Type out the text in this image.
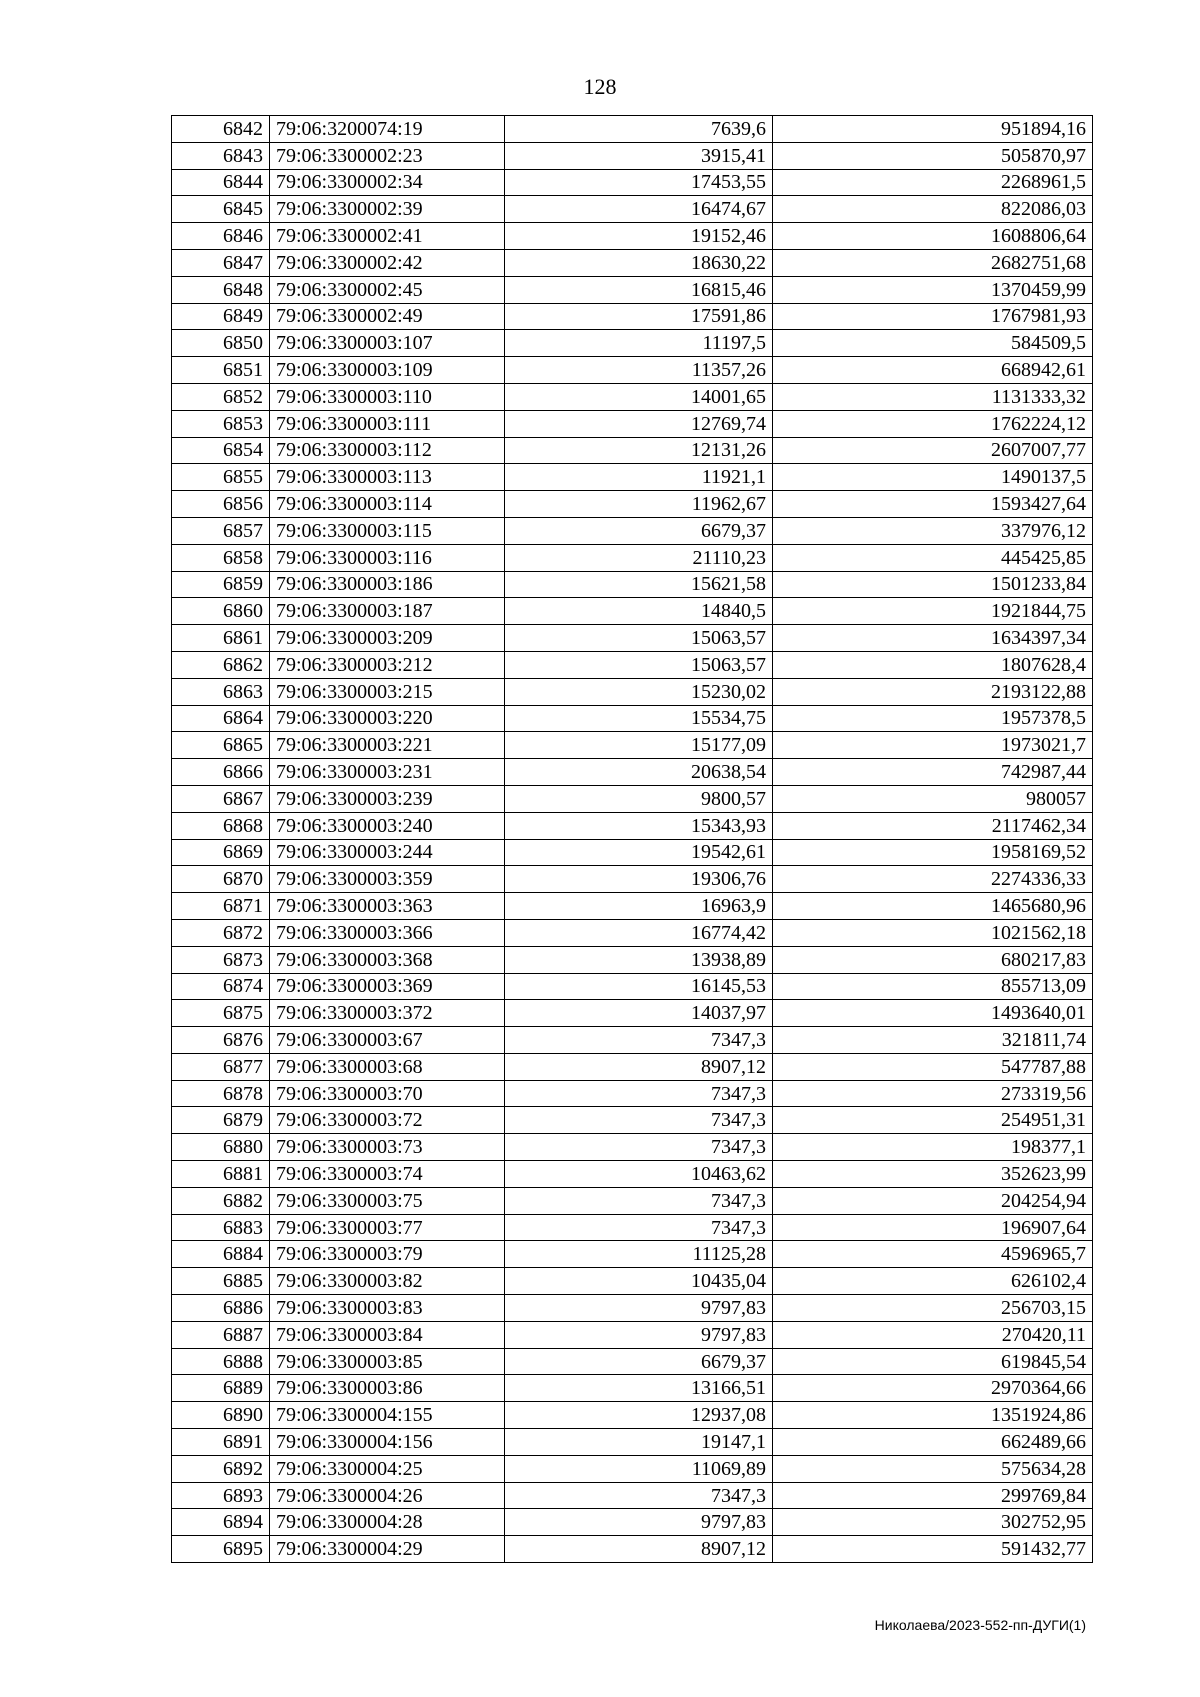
128
6842	79:06:3200074:19	7639,6	951894,16
6843	79:06:3300002:23	3915,41	505870,97
6844	79:06:3300002:34	17453,55	2268961,5
6845	79:06:3300002:39	16474,67	822086,03
6846	79:06:3300002:41	19152,46	1608806,64
6847	79:06:3300002:42	18630,22	2682751,68
6848	79:06:3300002:45	16815,46	1370459,99
6849	79:06:3300002:49	17591,86	1767981,93
6850	79:06:3300003:107	11197,5	584509,5
6851	79:06:3300003:109	11357,26	668942,61
6852	79:06:3300003:110	14001,65	1131333,32
6853	79:06:3300003:111	12769,74	1762224,12
6854	79:06:3300003:112	12131,26	2607007,77
6855	79:06:3300003:113	11921,1	1490137,5
6856	79:06:3300003:114	11962,67	1593427,64
6857	79:06:3300003:115	6679,37	337976,12
6858	79:06:3300003:116	21110,23	445425,85
6859	79:06:3300003:186	15621,58	1501233,84
6860	79:06:3300003:187	14840,5	1921844,75
6861	79:06:3300003:209	15063,57	1634397,34
6862	79:06:3300003:212	15063,57	1807628,4
6863	79:06:3300003:215	15230,02	2193122,88
6864	79:06:3300003:220	15534,75	1957378,5
6865	79:06:3300003:221	15177,09	1973021,7
6866	79:06:3300003:231	20638,54	742987,44
6867	79:06:3300003:239	9800,57	980057
6868	79:06:3300003:240	15343,93	2117462,34
6869	79:06:3300003:244	19542,61	1958169,52
6870	79:06:3300003:359	19306,76	2274336,33
6871	79:06:3300003:363	16963,9	1465680,96
6872	79:06:3300003:366	16774,42	1021562,18
6873	79:06:3300003:368	13938,89	680217,83
6874	79:06:3300003:369	16145,53	855713,09
6875	79:06:3300003:372	14037,97	1493640,01
6876	79:06:3300003:67	7347,3	321811,74
6877	79:06:3300003:68	8907,12	547787,88
6878	79:06:3300003:70	7347,3	273319,56
6879	79:06:3300003:72	7347,3	254951,31
6880	79:06:3300003:73	7347,3	198377,1
6881	79:06:3300003:74	10463,62	352623,99
6882	79:06:3300003:75	7347,3	204254,94
6883	79:06:3300003:77	7347,3	196907,64
6884	79:06:3300003:79	11125,28	4596965,7
6885	79:06:3300003:82	10435,04	626102,4
6886	79:06:3300003:83	9797,83	256703,15
6887	79:06:3300003:84	9797,83	270420,11
6888	79:06:3300003:85	6679,37	619845,54
6889	79:06:3300003:86	13166,51	2970364,66
6890	79:06:3300004:155	12937,08	1351924,86
6891	79:06:3300004:156	19147,1	662489,66
6892	79:06:3300004:25	11069,89	575634,28
6893	79:06:3300004:26	7347,3	299769,84
6894	79:06:3300004:28	9797,83	302752,95
6895	79:06:3300004:29	8907,12	591432,77
Николаева/2023-552-пп-ДУГИ(1)
